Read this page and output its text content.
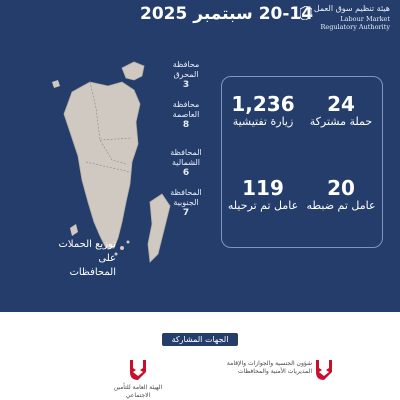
20-14 سبتمبر 2025 هيئة تنظيم سوق العمل
Labour Market
Regulatory Authority
محافظة المحرق
3
محافظة العاصمة
8
المحافظة الشمالية
6
المحافظة الجنوبية
7
توزيع الحملات على المحافظات
24
حملة مشتركة
1,236
زيارة تفتيشية
20
عامل تم ضبطه
119
عامل تم ترحيله
الجهات المشاركة
الهيئة العامة للتأمين الاجتماعي
شؤون الجنسية والجوازات والإقامة
المديريات الأمنية والمحافظات
